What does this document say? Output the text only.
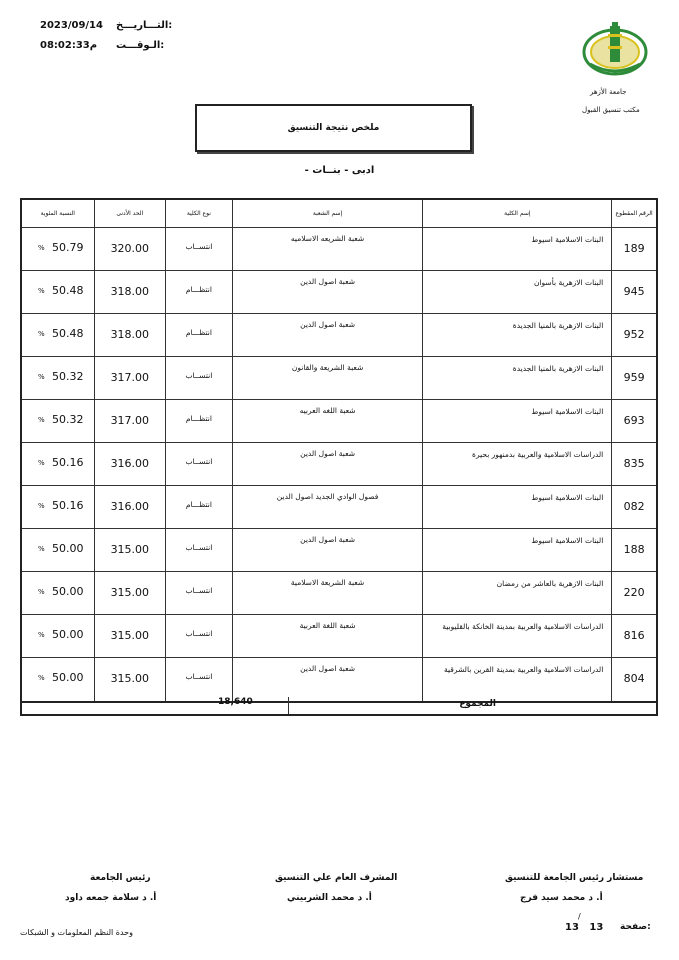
2023/09/14 التـــاريـــخ:
08:02:33م	الـوقـــت:
جامعة الأزهر
مكتب تنسيق القبول
ملخص نتيجة التنسيق
- ادبى - بنــات
الرقم المقطوع
إسم الكلية
إسم الشعبة
نوع الكلية
الحد الأدنى
النسبة المئوية
189
البنات الاسلامية اسيوط
شعبة الشريعه الاسلاميه
انتســاب
320.00
50.79
%
945
البنات الازهرية بأسوان
شعبة اصول الدين
انتظـــام
318.00
50.48
%
952
البنات الازهرية بالمنيا الجديدة
شعبة اصول الدين
انتظـــام
318.00
50.48
%
959
البنات الازهرية بالمنيا الجديدة
شعبة الشريعة والقانون
انتســاب
317.00
50.32
%
693
البنات الاسلامية اسيوط
شعبة اللغه العربيه
انتظـــام
317.00
50.32
%
835
الدراسات الاسلامية والعربية بدمنهور بحيرة
شعبة اصول الدين
انتســاب
316.00
50.16
%
082
البنات الاسلامية اسيوط
فصول الوادي الجديد اصول الدين
انتظـــام
316.00
50.16
%
188
البنات الاسلامية اسيوط
شعبة اصول الدين
انتســاب
315.00
50.00
%
220
البنات الازهرية بالعاشر من رمضان
شعبة الشريعة الاسلامية
انتســاب
315.00
50.00
%
816
الدراسات الاسلامية والعربية بمدينة الخانكة بالقليوبية
شعبة اللغة العربية
انتســاب
315.00
50.00
%
804
الدراسات الاسلامية والعربية بمدينة القرين بالشرقية
شعبة اصول الدين
انتســاب
315.00
50.00
%
المجموع
18,640
مستشار رئيس الجامعة للتنسيق
أ. د محمد سيد فرج
المشرف العام علي التنسيق
أ. د محمد الشربيني
رئيس الجامعة
أ. د سلامة جمعه داود
وحدة النظم المعلومات و الشبكات
/
13 13 صفحة:
